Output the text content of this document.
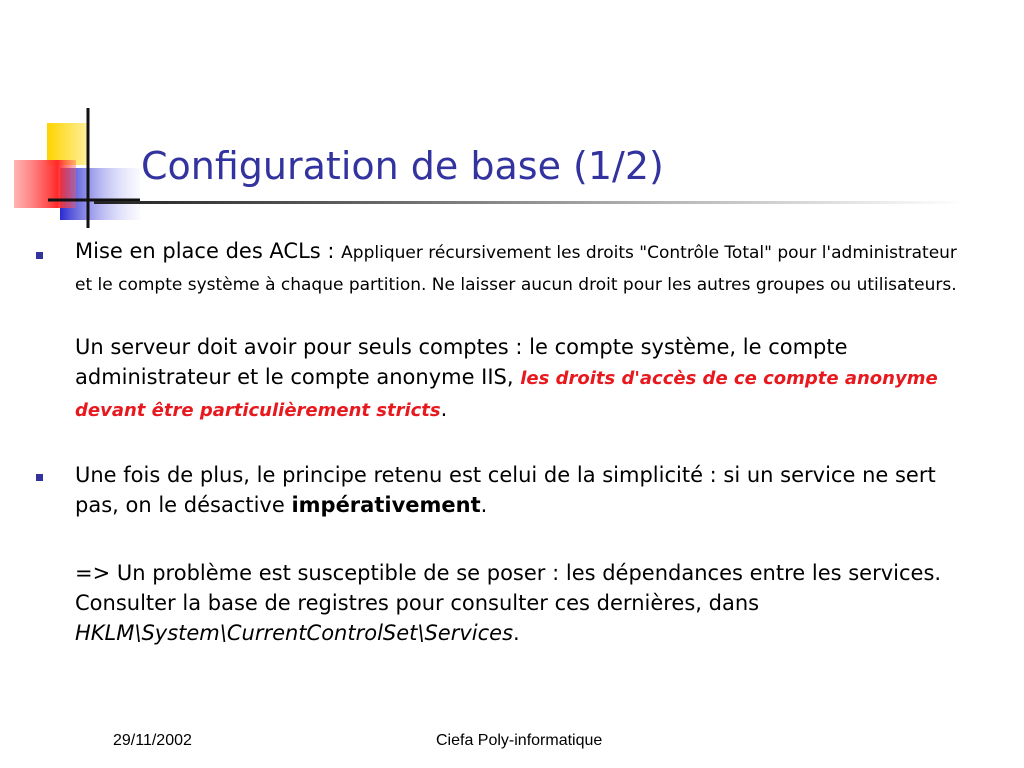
Configuration de base (1/2)

Mise en place des ACLs : Appliquer récursivement les droits "Contrôle Total" pour l'administrateur et le compte système à chaque partition. Ne laisser aucun droit pour les autres groupes ou utilisateurs.

Un serveur doit avoir pour seuls comptes : le compte système, le compte administrateur et le compte anonyme IIS, les droits d'accès de ce compte anonyme devant être particulièrement stricts.

Une fois de plus, le principe retenu est celui de la simplicité : si un service ne sert pas, on le désactive impérativement.

=> Un problème est susceptible de se poser : les dépendances entre les services. Consulter la base de registres pour consulter ces dernières, dans HKLM\System\CurrentControlSet\Services.

29/11/2002	Ciefa Poly-informatique
